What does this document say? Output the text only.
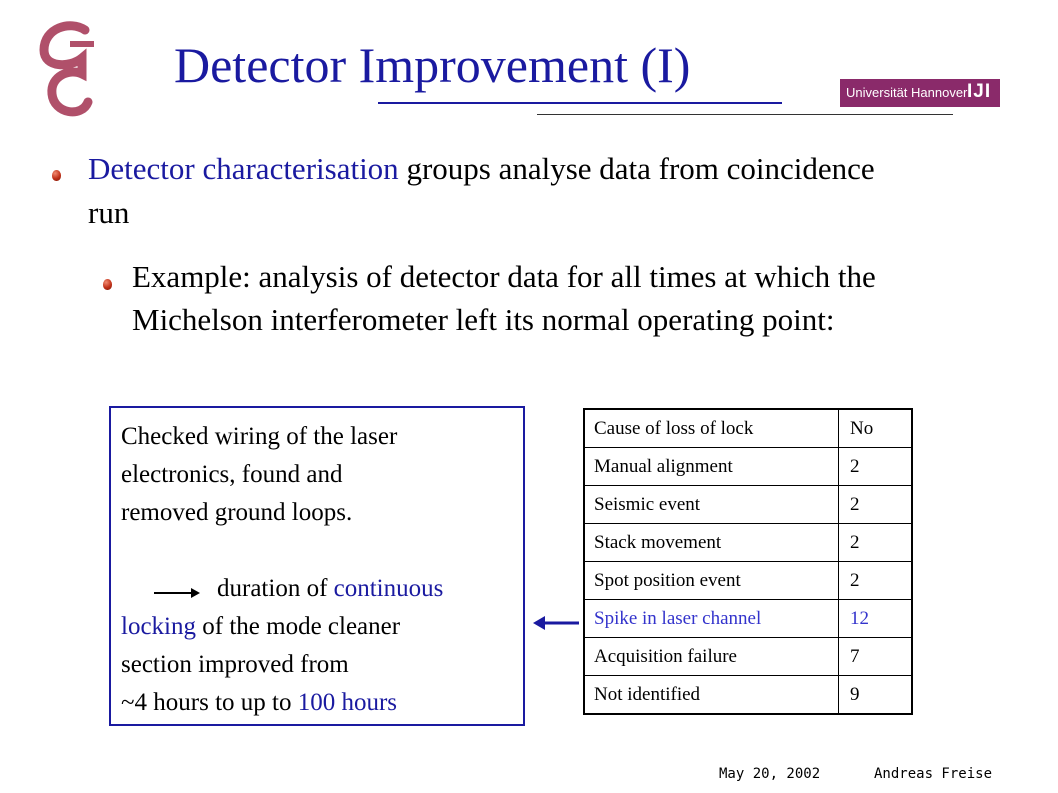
Detector Improvement (I)	Universität Hannover IJI
Detector characterisation groups analyse data from coincidence run
Example: analysis of detector data for all times at which the Michelson interferometer left its normal operating point:
Checked wiring of the laser
electronics, found and
removed ground loops.
duration of continuous
locking of the mode cleaner
section improved from
~4 hours to up to 100 hours
Cause of loss of lock	No
Manual alignment	2
Seismic event	2
Stack movement	2
Spot position event	2
Spike in laser channel	12
Acquisition failure	7
Not identified	9
May 20, 2002	Andreas Freise
